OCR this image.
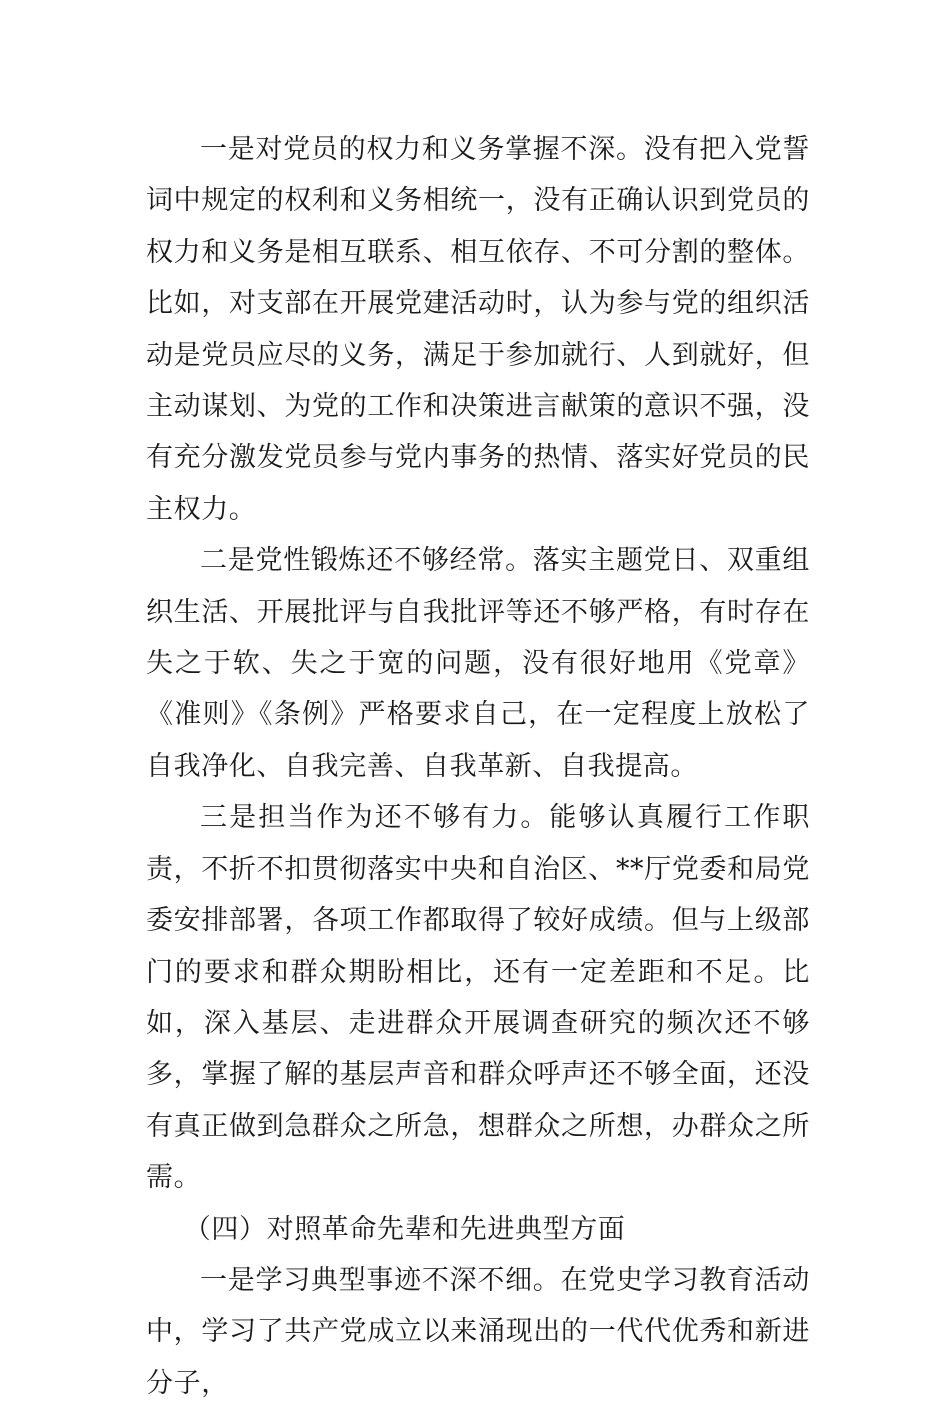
一是对党员的权力和义务掌握不深。没有把入党誓词中规定的权利和义务相统一，没有正确认识到党员的权力和义务是相互联系、相互依存、不可分割的整体。比如，对支部在开展党建活动时，认为参与党的组织活动是党员应尽的义务，满足于参加就行、人到就好，但主动谋划、为党的工作和决策进言献策的意识不强，没有充分激发党员参与党内事务的热情、落实好党员的民主权力。

二是党性锻炼还不够经常。落实主题党日、双重组织生活、开展批评与自我批评等还不够严格，有时存在失之于软、失之于宽的问题，没有很好地用《党章》《准则》《条例》严格要求自己，在一定程度上放松了自我净化、自我完善、自我革新、自我提高。

三是担当作为还不够有力。能够认真履行工作职责，不折不扣贯彻落实中央和自治区、**厅党委和局党委安排部署，各项工作都取得了较好成绩。但与上级部门的要求和群众期盼相比，还有一定差距和不足。比如，深入基层、走进群众开展调查研究的频次还不够多，掌握了解的基层声音和群众呼声还不够全面，还没有真正做到急群众之所急，想群众之所想，办群众之所需。

（四）对照革命先辈和先进典型方面

一是学习典型事迹不深不细。在党史学习教育活动中，学习了共产党成立以来涌现出的一代代优秀和新进分子，
